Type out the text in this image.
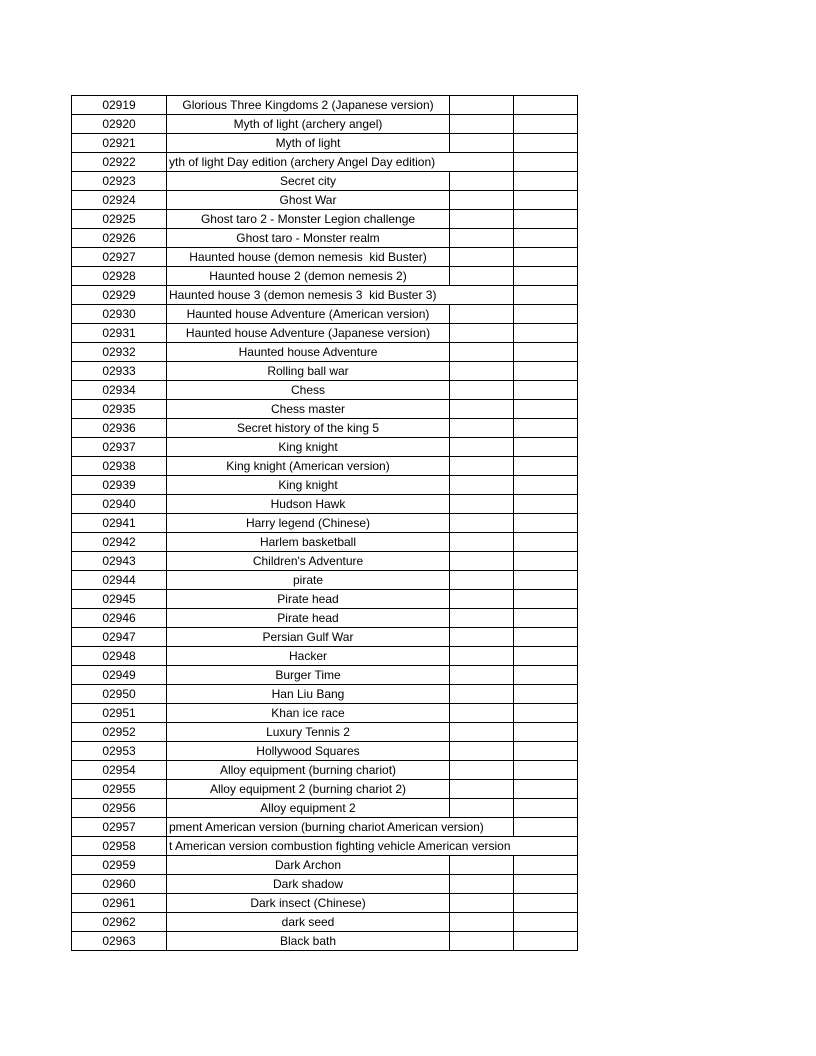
02919	Glorious Three Kingdoms 2 (Japanese version)		
02920	Myth of light (archery angel)		
02921	Myth of light		
02922	yth of light Day edition (archery Angel Day edition)		
02923	Secret city		
02924	Ghost War		
02925	Ghost taro 2 - Monster Legion challenge		
02926	Ghost taro - Monster realm		
02927	Haunted house (demon nemesis  kid Buster)		
02928	Haunted house 2 (demon nemesis 2)		
02929	Haunted house 3 (demon nemesis 3  kid Buster 3)		
02930	Haunted house Adventure (American version)		
02931	Haunted house Adventure (Japanese version)		
02932	Haunted house Adventure		
02933	Rolling ball war		
02934	Chess		
02935	Chess master		
02936	Secret history of the king 5		
02937	King knight		
02938	King knight (American version)		
02939	King knight		
02940	Hudson Hawk		
02941	Harry legend (Chinese)		
02942	Harlem basketball		
02943	Children's Adventure		
02944	pirate		
02945	Pirate head		
02946	Pirate head		
02947	Persian Gulf War		
02948	Hacker		
02949	Burger Time		
02950	Han Liu Bang		
02951	Khan ice race		
02952	Luxury Tennis 2		
02953	Hollywood Squares		
02954	Alloy equipment (burning chariot)		
02955	Alloy equipment 2 (burning chariot 2)		
02956	Alloy equipment 2		
02957	pment American version (burning chariot American version)		
02958	t American version combustion fighting vehicle American version		
02959	Dark Archon		
02960	Dark shadow		
02961	Dark insect (Chinese)		
02962	dark seed		
02963	Black bath		
